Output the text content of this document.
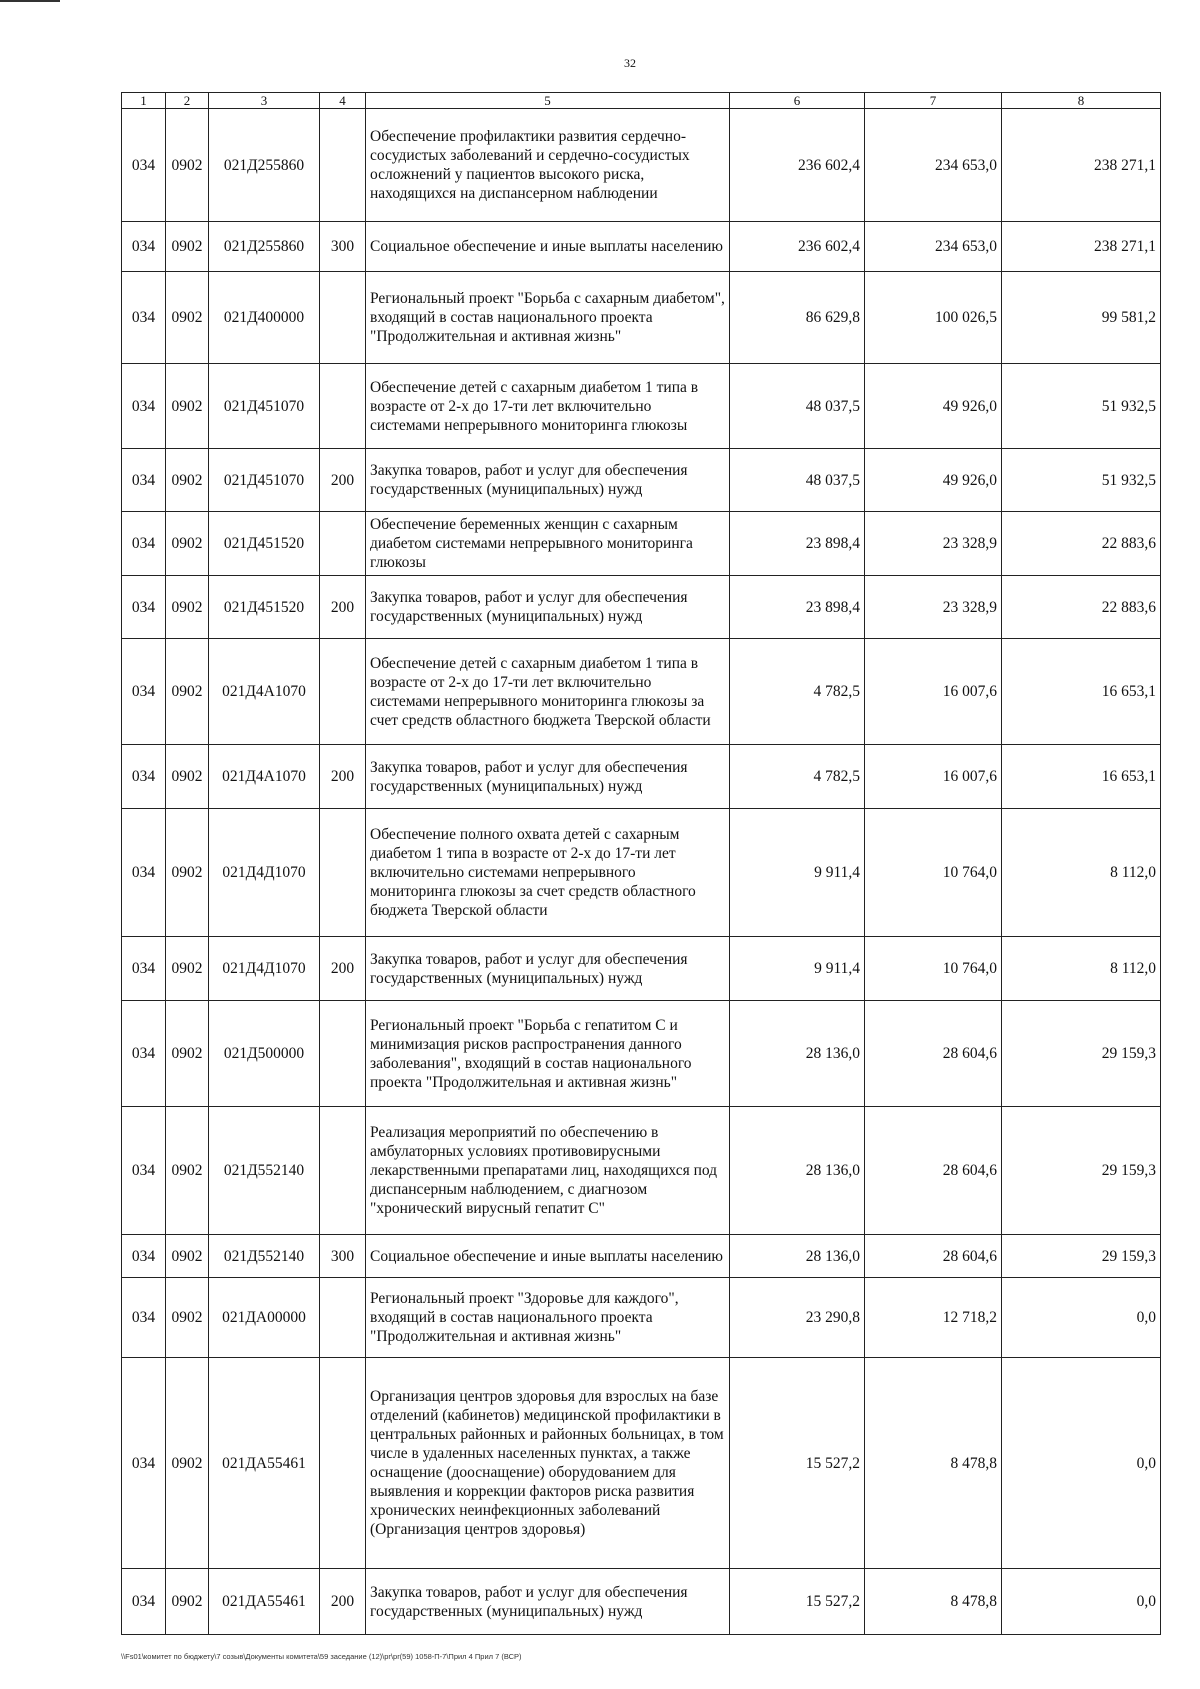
32
1	2	3	4	5	6	7	8
034	0902	021Д255860		Обеспечение профилактики развития сердечно-сосудистых заболеваний и сердечно-сосудистых осложнений у пациентов высокого риска, находящихся на диспансерном наблюдении	236 602,4	234 653,0	238 271,1
034	0902	021Д255860	300	Социальное обеспечение и иные выплаты населению	236 602,4	234 653,0	238 271,1
034	0902	021Д400000		Региональный проект "Борьба с сахарным диабетом", входящий в состав национального проекта "Продолжительная и активная жизнь"	86 629,8	100 026,5	99 581,2
034	0902	021Д451070		Обеспечение детей с сахарным диабетом 1 типа в возрасте от 2-х до 17-ти лет включительно системами непрерывного мониторинга глюкозы	48 037,5	49 926,0	51 932,5
034	0902	021Д451070	200	Закупка товаров, работ и услуг для обеспечения государственных (муниципальных) нужд	48 037,5	49 926,0	51 932,5
034	0902	021Д451520		Обеспечение беременных женщин с сахарным диабетом системами непрерывного мониторинга глюкозы	23 898,4	23 328,9	22 883,6
034	0902	021Д451520	200	Закупка товаров, работ и услуг для обеспечения государственных (муниципальных) нужд	23 898,4	23 328,9	22 883,6
034	0902	021Д4А1070		Обеспечение детей с сахарным диабетом 1 типа в возрасте от 2-х до 17-ти лет включительно системами непрерывного мониторинга глюкозы за счет средств областного бюджета Тверской области	4 782,5	16 007,6	16 653,1
034	0902	021Д4А1070	200	Закупка товаров, работ и услуг для обеспечения государственных (муниципальных) нужд	4 782,5	16 007,6	16 653,1
034	0902	021Д4Д1070		Обеспечение полного охвата детей с сахарным диабетом 1 типа в возрасте от 2-х до 17-ти лет включительно системами непрерывного мониторинга глюкозы за счет средств областного бюджета Тверской области	9 911,4	10 764,0	8 112,0
034	0902	021Д4Д1070	200	Закупка товаров, работ и услуг для обеспечения государственных (муниципальных) нужд	9 911,4	10 764,0	8 112,0
034	0902	021Д500000		Региональный проект "Борьба с гепатитом С и минимизация рисков распространения данного заболевания", входящий в состав национального проекта "Продолжительная и активная жизнь"	28 136,0	28 604,6	29 159,3
034	0902	021Д552140		Реализация мероприятий по обеспечению в амбулаторных условиях противовирусными лекарственными препаратами лиц, находящихся под диспансерным наблюдением, с диагнозом "хронический вирусный гепатит С"	28 136,0	28 604,6	29 159,3
034	0902	021Д552140	300	Социальное обеспечение и иные выплаты населению	28 136,0	28 604,6	29 159,3
034	0902	021ДА00000		Региональный проект "Здоровье для каждого", входящий в состав национального проекта "Продолжительная и активная жизнь"	23 290,8	12 718,2	0,0
034	0902	021ДА55461		Организация центров здоровья для взрослых на базе отделений (кабинетов) медицинской профилактики в центральных районных и районных больницах, в том числе в удаленных населенных пунктах, а также оснащение (дооснащение) оборудованием для выявления и коррекции факторов риска развития хронических неинфекционных заболеваний (Организация центров здоровья)	15 527,2	8 478,8	0,0
034	0902	021ДА55461	200	Закупка товаров, работ и услуг для обеспечения государственных (муниципальных) нужд	15 527,2	8 478,8	0,0
\\Fs01\комитет по бюджету\7 созыв\Документы комитета\59 заседание (12)\pr\pr(59) 1058-П-7\Прил 4 Прил 7 (ВСР)
